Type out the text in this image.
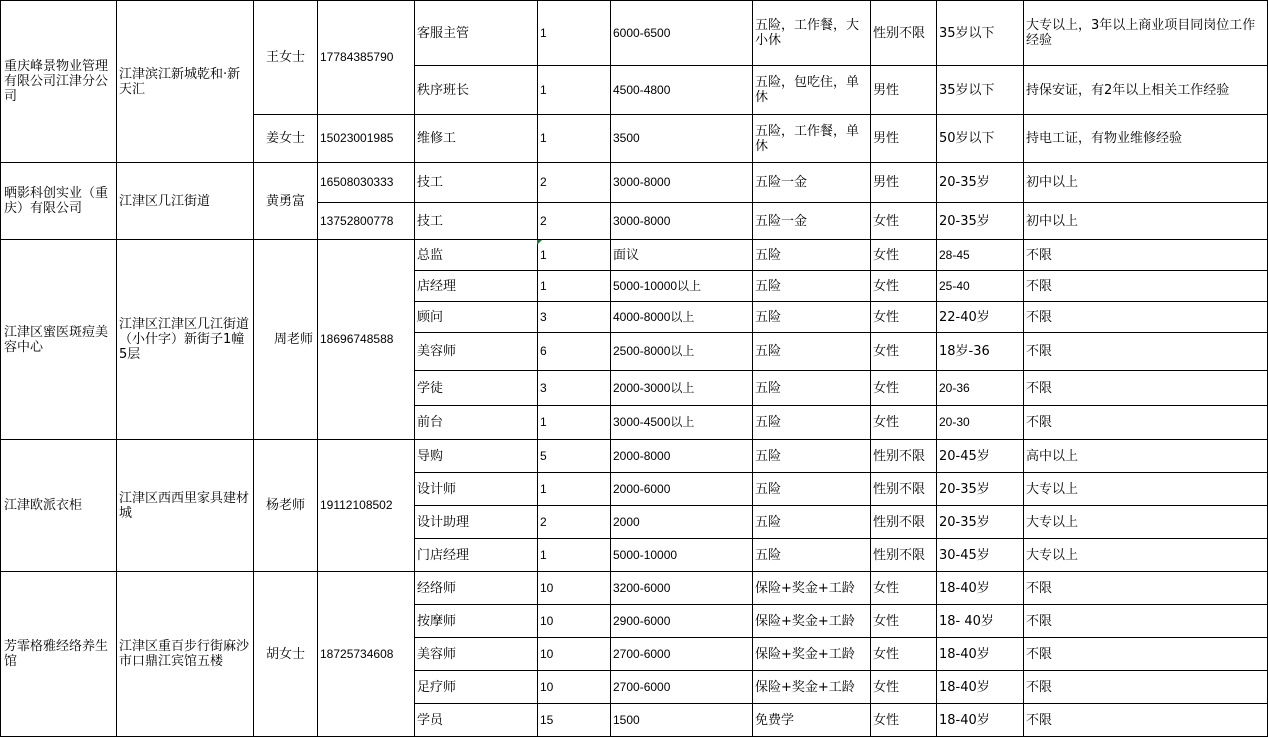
重庆峰景物业管理有限公司江津分公司	江津滨江新城乾和·新天汇	王女士	17784385790	客服主管	1	6000-6500	五险，工作餐，大小休	性别不限	35岁以下	大专以上，3年以上商业项目同岗位工作经验
				秩序班长	1	4500-4800	五险，包吃住，单休	男性	35岁以下	持保安证，有2年以上相关工作经验
		姜女士	15023001985	维修工	1	3500	五险，工作餐，单休	男性	50岁以下	持电工证，有物业维修经验
晒影科创实业（重庆）有限公司	江津区几江街道	黄勇富	16508030333	技工	2	3000-8000	五险一金	男性	20-35岁	初中以上
			13752800778	技工	2	3000-8000	五险一金	女性	20-35岁	初中以上
江津区蜜医斑痘美容中心	江津区江津区几江街道（小什字）新街子1幢5层	周老师	18696748588	总监	1	面议	五险	女性	28-45	不限
				店经理	1	5000-10000以上	五险	女性	25-40	不限
				顾问	3	4000-8000以上	五险	女性	22-40岁	不限
				美容师	6	2500-8000以上	五险	女性	18岁-36	不限
				学徒	3	2000-3000以上	五险	女性	20-36	不限
				前台	1	3000-4500以上	五险	女性	20-30	不限
江津欧派衣柜	江津区西西里家具建材城	杨老师	19112108502	导购	5	2000-8000	五险	性别不限	20-45岁	高中以上
				设计师	1	2000-6000	五险	性别不限	20-35岁	大专以上
				设计助理	2	2000	五险	性别不限	20-35岁	大专以上
				门店经理	1	5000-10000	五险	性别不限	30-45岁	大专以上
芳霏格雅经络养生馆	江津区重百步行街麻沙市口鼎江宾馆五楼	胡女士	18725734608	经络师	10	3200-6000	保险+奖金+工龄	女性	18-40岁	不限
				按摩师	10	2900-6000	保险+奖金+工龄	女性	18- 40岁	不限
				美容师	10	2700-6000	保险+奖金+工龄	女性	18-40岁	不限
				足疗师	10	2700-6000	保险+奖金+工龄	女性	18-40岁	不限
				学员	15	1500	免费学	女性	18-40岁	不限
